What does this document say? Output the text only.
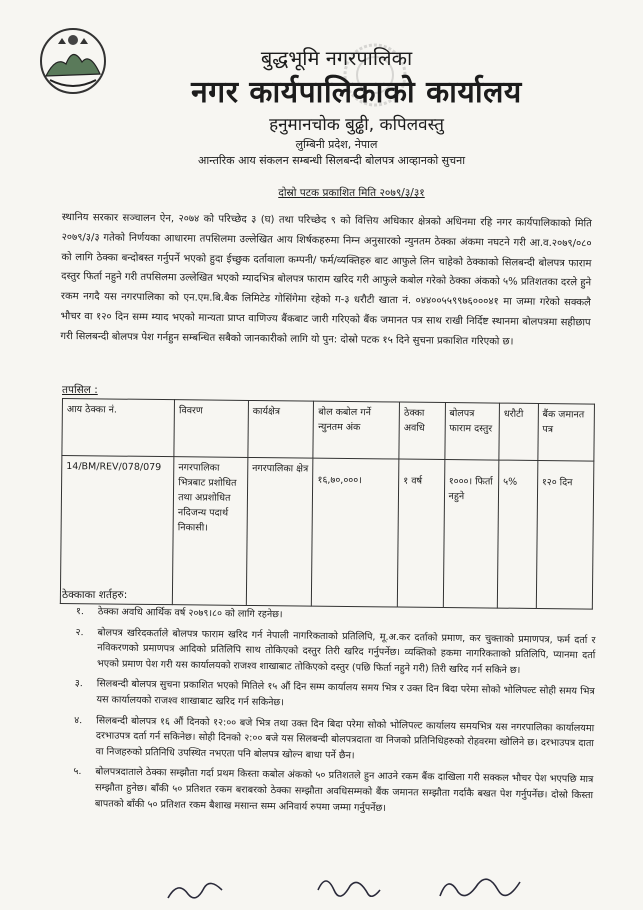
बुद्धभूमि नगरपालिका
नगर कार्यपालिकाको कार्यालय
हनुमानचोक बुढ्ढी, कपिलवस्तु
लुम्बिनी प्रदेश, नेपाल
आन्तरिक आय संकलन सम्बन्धी सिलबन्दी बोलपत्र आव्हानको सुचना
दोस्रो पटक प्रकाशित मिति २०७९/३/३१
स्थानिय सरकार सञ्चालन ऐन, २०७४ को परिच्छेद ३ (घ) तथा परिच्छेद ९ को वित्तिय अधिकार क्षेत्रको अधिनमा रहि नगर कार्यपालिकाको मिति २०७९/३/३ गतेको निर्णयका आधारमा तपसिलमा उल्लेखित आय शिर्षकहरुमा निम्न अनुसारको न्युनतम ठेक्का अंकमा नघटने गरी आ.व.२०७९/०८० को लागि ठेक्का बन्दोबस्त गर्नुपर्ने भएको हुदा ईच्छुक दर्तावाला कम्पनी/ फर्म/व्यक्तिहरु बाट आफुले लिन चाहेको ठेक्काको सिलबन्दी बोलपत्र फाराम दस्तुर फिर्ता नहुने गरी तपसिलमा उल्लेखित भएको म्यादभित्र बोलपत्र फाराम खरिद गरी आफुले कबोल गरेको ठेक्का अंकको ५% प्रतिशतका दरले हुने रकम नगदै यस नगरपालिका को एन.एम.बि.बैक लिमिटेड गोसिंगेमा रहेको ग-३ धरौटी खाता नं. ०४४००५५९९७६०००४१ मा जम्मा गरेको सक्कलै भौचर वा १२० दिन सम्म म्याद भएको मान्यता प्राप्त वाणिज्य बैंकबाट जारी गरिएको बैंक जमानत पत्र साथ राखी निर्दिष्ट स्थानमा बोलपत्रमा सहीछाप गरी सिलबन्दी बोलपत्र पेश गर्नहुन सम्बन्धित सबैको जानकारीको लागि यो पुन: दोस्रो पटक १५ दिने सुचना प्रकाशित गरिएको छ।
तपसिल :
आय ठेक्का नं.	विवरण	कार्यक्षेत्र	बोल कबोल गर्ने न्युनतम अंक	ठेक्का अवधि	बोलपत्र फाराम दस्तुर	धरौटी	बैंक जमानत पत्र
14/BM/REV/078/079	नगरपालिका भित्रबाट प्रशोधित तथा अप्रशोधित नदिजन्य पदार्थ निकासी।	नगरपालिका क्षेत्र	१६,७०,०००।	१ वर्ष	१०००। फिर्ता नहुने	५%	१२० दिन
ठेक्काका शर्तहरु:
१.	ठेक्का अवधि आर्थिक वर्ष २०७९।८० को लागि रहनेछ।
२.	बोलपत्र खरिदकर्ताले बोलपत्र फाराम खरिद गर्न नेपाली नागरिकताको प्रतिलिपि, मू.अ.कर दर्ताको प्रमाण, कर चुक्ताको प्रमाणपत्र, फर्म दर्ता र नविकरणको प्रमाणपत्र आदिको प्रतिलिपि साथ तोकिएको दस्तुर तिरी खरिद गर्नुपर्नेछ। व्यक्तिको हकमा नागरिकताको प्रतिलिपि, प्यानमा दर्ता भएको प्रमाण पेश गरी यस कार्यालयको राजश्व शाखाबाट तोकिएको दस्तुर (पछि फिर्ता नहुने गरी) तिरी खरिद गर्न सकिने छ।
३.	सिलबन्दी बोलपत्र सुचना प्रकाशित भएको मितिले १५ औं दिन सम्म कार्यालय समय भित्र र उक्त दिन बिदा परेमा सोको भोलिपल्ट सोही समय भित्र यस कार्यालयको राजश्व शाखाबाट खरिद गर्न सकिनेछ।
४.	सिलबन्दी बोलपत्र १६ औं दिनको १२:०० बजे भित्र तथा उक्त दिन बिदा परेमा सोको भोलिपल्ट कार्यालय समयभित्र यस नगरपालिका कार्यालयमा दरभाउपत्र दर्ता गर्न सकिनेछ। सोही दिनको २:०० बजे यस सिलबन्दी बोलपत्रदाता वा निजको प्रतिनिधिहरुको रोहवरमा खोलिने छ। दरभाउपत्र दाता वा निजहरुको प्रतिनिधि उपस्थित नभएता पनि बोलपत्र खोल्न बाधा पर्ने छैन।
५.	बोलपत्रदाताले ठेक्का सम्झौता गर्दा प्रथम किस्ता कबोल अंकको ५० प्रतिशतले हुन आउने रकम बैंक दाखिला गरी सक्कल भौचर पेश भएपछि मात्र सम्झौता हुनेछ। बाँकी ५० प्रतिशत रकम बराबरको ठेक्का सम्झौता अवधिसम्मको बैंक जमानत सम्झौता गर्दाकै बखत पेश गर्नुपर्नेछ। दोस्रो किस्ता बापतको बाँकी ५० प्रतिशत रकम बैशाख मसान्त सम्म अनिवार्य रुपमा जम्मा गर्नुपर्नेछ।
